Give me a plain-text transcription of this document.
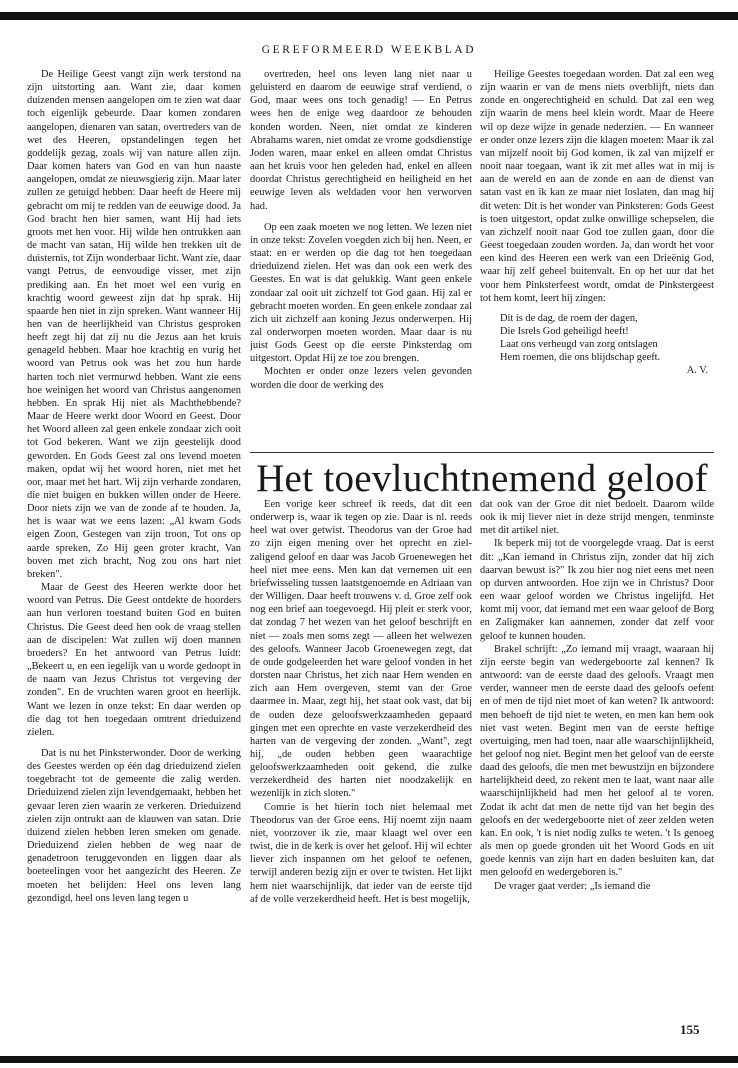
GEREFORMEERD WEEKBLAD

De Heilige Geest vangt zijn werk terstond na zijn uitstorting aan. Want zie, daar komen duizenden mensen aangelopen om te zien wat daar toch eigenlijk gebeurde. Daar komen zondaren aangelopen, dienaren van satan, overtreders van de wet des Heeren, opstandelingen tegen het goddelijk gezag, zoals wij van nature allen zijn. Daar komen haters van God en van hun naaste aangelopen, omdat ze nieuwsgierig zijn. Maar later zullen ze getuigd hebben: Daar heeft de Heere mij gebracht om mij te redden van de eeuwige dood. Ja God bracht hen hier samen, want Hij had iets groots met hen voor. Hij wilde hen ontrukken aan de macht van satan, Hij wilde hen trekken uit de duisternis, tot Zijn wonderbaar licht. Want zie, daar vangt Petrus, de eenvoudige visser, met zijn prediking aan. En het moet wel een vurig en krachtig woord geweest zijn dat hp sprak. Hij spaarde hen niet in zijn spreken. Want wanneer Hij hen van de heerlijkheid van Christus gesproken heeft zegt hij dat zij nu die Jezus aan het kruis genageld hebben. Maar hoe krachtig en vurig het woord van Petrus ook was het zou hun harde harten toch niet vermurwd hebben. Want zie eens hoe weinigen het woord van Christus aangenomen hebben. En sprak Hij niet als Machthebbende? Maar de Heere werkt door Woord en Geest. Door het Woord alleen zal geen enkele zondaar zich ooit tot God bekeren. Want we zijn geestelijk dood geworden. En Gods Geest zal ons levend moeten maken, opdat wij het woord horen, niet met het oor, maar met het hart. Wij zijn verharde zondaren, die niet buigen en bukken willen onder de Heere. Door niets zijn we van de zonde af te houden. Ja, het is waar wat we eens lazen: „Al kwam Gods eigen Zoon, Gestegen van zijn troon, Tot ons op aarde spreken, Zo Hij geen groter kracht, Van boven met zich bracht, Nog zou ons hart niet breken".

Maar de Geest des Heeren werkte door het woord van Petrus. Die Geest ontdekte de hoorders aan hun verloren toestand buiten God en buiten Christus. Die Geest deed hen ook de vraag stellen aan de discipelen: Wat zullen wij doen mannen broeders? En het antwoord van Petrus luidt: „Bekeert u, en een iegelijk van u worde gedoopt in de naam van Jezus Christus tot vergeving der zonden". En de vruchten waren groot en heerlijk. Want we lezen in onze tekst: En daar werden op die dag tot hen toegedaan omtrent drieduizend zielen.

Dat is nu het Pinksterwonder. Door de werking des Geestes werden op één dag drieduizend zielen toegebracht tot de gemeente die zalig werden. Drieduizend zielen zijn levendgemaakt, hebben het gevaar leren zien waarin ze verkeren. Drieduizend zielen zijn ontrukt aan de klauwen van satan. Drie duizend zielen hebben leren smeken om genade. Drieduizend zielen hebben de weg naar de genadetroon teruggevonden en liggen daar als boeteelingen voor het aangezicht des Heeren. Ze moeten het belijden: Heel ons leven lang gezondigd, heel ons leven lang tegen u

overtreden, heel ons leven lang niet naar u geluisterd en daarom de eeuwige straf verdiend, o God, maar wees ons toch genadig! — En Petrus wees hen de enige weg daardoor ze behouden konden worden. Neen, niet omdat ze kinderen Abrahams waren, niet omdat ze vrome godsdienstige Joden waren, maar enkel en alleen omdat Christus aan het kruis voor hen geleden had, enkel en alleen doordat Christus gerechtigheid en heiligheid en het eeuwige leven als weldaden voor hen verworven had.

Op een zaak moeten we nog letten. We lezen niet in onze tekst: Zovelen voegden zich bij hen. Neen, er staat: en er werden op die dag tot hen toegedaan drieduizend zielen. Het was dan ook een werk des Geestes. En wat is dat gelukkig. Want geen enkele zondaar zal ooit uit zichzelf tot God gaan. Hij zal er gebracht moeten worden. En geen enkele zondaar zal zich uit zichzelf aan koning Jezus onderwerpen. Hij zal onderworpen moeten worden. Maar daar is nu juist Gods Geest op die eerste Pinksterdag om uitgestort. Opdat Hij ze toe zou brengen.

Mochten er onder onze lezers velen gevonden worden die door de werking des

Heilige Geestes toegedaan worden. Dat zal een weg zijn waarin er van de mens niets overblijft, niets dan zonde en ongerechtigheid en schuld. Dat zal een weg zijn waarin de mens heel klein wordt. Maar de Heere wil op deze wijze in genade nederzien. — En wanneer er onder onze lezers zijn die klagen moeten: Maar ik zal van mijzelf nooit bij God komen, ik zal van mijzelf er nooit naar toegaan, want ik zit met alles wat in mij is aan de wereld en aan de zonde en aan de dienst van satan vast en ik kan ze maar niet loslaten, dan mag hij dit weten: Dit is het wonder van Pinksteren: Gods Geest is toen uitgestort, opdat zulke onwillige schepselen, die van zichzelf nooit naar God toe zullen gaan, door die Geest toegedaan zouden worden. Ja, dan wordt het voor een kind des Heeren een werk van een Drieënig God, waar hij zelf geheel buitenvalt. En op het uur dat het voor hem Pinksterfeest wordt, omdat de Pinkstergeest tot hem komt, leert hij zingen:

Dit is de dag, de roem der dagen,
Die Isrels God geheiligd heeft!
Laat ons verheugd van zorg ontslagen
Hem roemen, die ons blijdschap geeft.
A. V.
Het toevluchtnemend geloof

Een vorige keer schreef ik reeds, dat dit een onderwerp is, waar ik tegen op zie. Daar is nl. reeds heel wat over getwist. Theodorus van der Groe had zo zijn eigen mening over het oprecht en ziel-zaligend geloof en daar was Jacob Groenewegen het heel niet mee eens. Men kan dat vernemen uit een briefwisseling tussen laatstgenoemde en Adriaan van der Willigen. Daar heeft trouwens v. d. Groe zelf ook nog een brief aan toegevoegd. Hij pleit er sterk voor, dat zondag 7 het wezen van het geloof beschrijft en niet — zoals men soms zegt — alleen het welwezen des geloofs. Wanneer Jacob Groenewegen zegt, dat de oude godgeleerden het ware geloof vonden in het dorsten naar Christus, het zich naar Hem wenden en zich aan Hem overgeven, stemt van der Groe daarmee in. Maar, zegt hij, het staat ook vast, dat bij de ouden deze geloofswerkzaamheden gepaard gingen met een oprechte en vaste verzekerdheid des harten van de vergeving der zonden. „Want", zegt hij, „de ouden hebben geen waarachtige geloofswerkzaamheden ooit gekend, die zulke verzekerdheid des harten niet noodzakelijk en wezenlijk in zich sloten."

Comrie is het hierin toch niet helemaal met Theodorus van der Groe eens. Hij noemt zijn naam niet, voorzover ik zie, maar klaagt wel over een twist, die in de kerk is over het geloof. Hij wil echter liever zich inspannen om het geloof te oefenen, terwijl anderen bezig zijn er over te twisten. Het lijkt hem niet waarschijnlijk, dat ieder van de eerste tijd af de volle verzekerdheid heeft. Het is best mogelijk,

dat ook van der Groe dit niet bedoelt. Daarom wilde ook ik mij liever niet in deze strijd mengen, tenminste met dit artikel niet.

Ik beperk mij tot de voorgelegde vraag. Dat is eerst dit: „Kan iemand in Christus zijn, zonder dat hij zich daarvan bewust is?" Ik zou hier nog niet eens met neen op durven antwoorden. Hoe zijn we in Christus? Door een waar geloof worden we Christus ingelijfd. Het komt mij voor, dat iemand met een waar geloof de Borg en Zaligmaker kan aannemen, zonder dat zelf voor geloof te kunnen houden.

Brakel schrijft: „Zo iemand mij vraagt, waaraan hij zijn eerste begin van wedergeboorte zal kennen? Ik antwoord: van de eerste daad des geloofs. Vraagt men verder, wanneer men de eerste daad des geloofs oefent en of men de tijd niet moet of kan weten? Ik antwoord: men behoeft de tijd niet te weten, en men kan hem ook niet vast weten. Begint men van de eerste heftige overtuiging, men had toen, naar alle waarschijnlijkheid, het geloof nog niet. Begint men het geloof van de eerste daad des geloofs, die men met bewustzijn en bijzondere hartelijkheid deed, zo rekent men te laat, want naar alle waarschijnlijkheid had men het geloof al te voren. Zodat ik acht dat men de nette tijd van het begin des geloofs en der wedergeboorte niet of zeer zelden weten kan. En ook, 't is niet nodig zulks te weten. 't Is genoeg als men op goede gronden uit het Woord Gods en uit goede kennis van zijn hart en daden besluiten kan, dat men geloofd en wedergeboren is."

De vrager gaat verder: „Is iemand die

155
